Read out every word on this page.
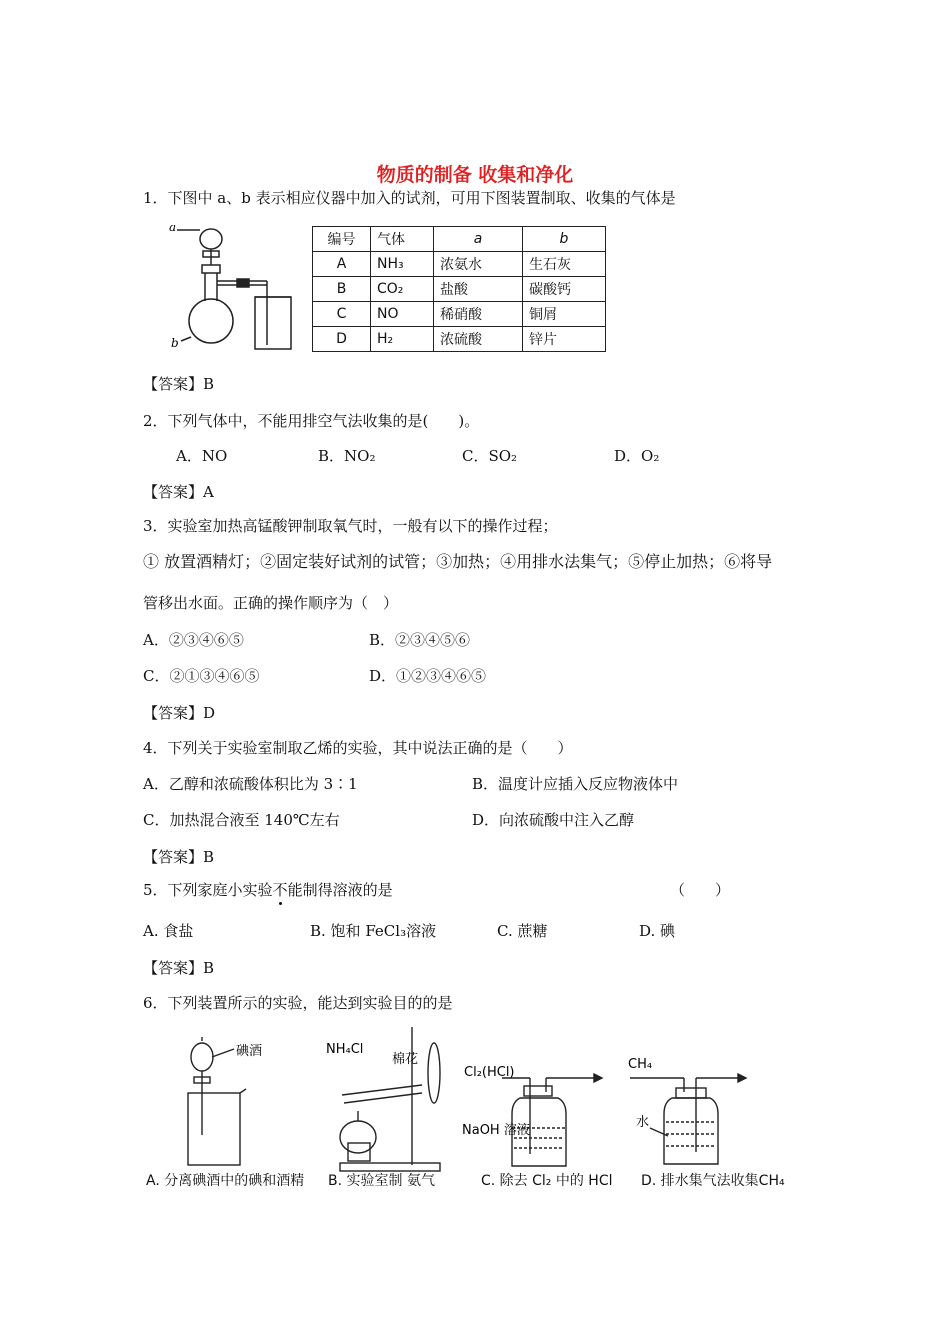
物质的制备 收集和净化
1．下图中 a、b 表示相应仪器中加入的试剂，可用下图装置制取、收集的气体是
a
b
编号	气体	a	b
A	NH₃	浓氨水	生石灰
B	CO₂	盐酸	碳酸钙
C	NO	稀硝酸	铜屑
D	H₂	浓硫酸	锌片
【答案】B
2．下列气体中，不能用排空气法收集的是(　　)。
A．NO	B．NO₂	C．SO₂	D．O₂
【答案】A
3．实验室加热高锰酸钾制取氧气时，一般有以下的操作过程；
① 放置酒精灯；②固定装好试剂的试管；③加热；④用排水法集气；⑤停止加热；⑥将导
管移出水面。正确的操作顺序为（　）
A．②③④⑥⑤	B．②③④⑤⑥
C．②①③④⑥⑤	D．①②③④⑥⑤
【答案】D
4．下列关于实验室制取乙烯的实验，其中说法正确的是（　　）
A．乙醇和浓硫酸体积比为 3∶1	B．温度计应插入反应物液体中
C．加热混合液至 140℃左右	D．向浓硫酸中注入乙醇
【答案】B
5．下列家庭小实验不能制得溶液的是	（　　）
A. 食盐	B. 饱和 FeCl₃溶液	C. 蔗糖	D. 碘
【答案】B
6．下列装置所示的实验，能达到实验目的的是
碘酒	NH₄Cl
棉花
Cl₂(HCl)
NaOH 溶液
CH₄
水
A. 分离碘酒中的碘和酒精 B. 实验室制 氨气	C. 除去 Cl₂ 中的 HCl D. 排水集气法收集CH₄
